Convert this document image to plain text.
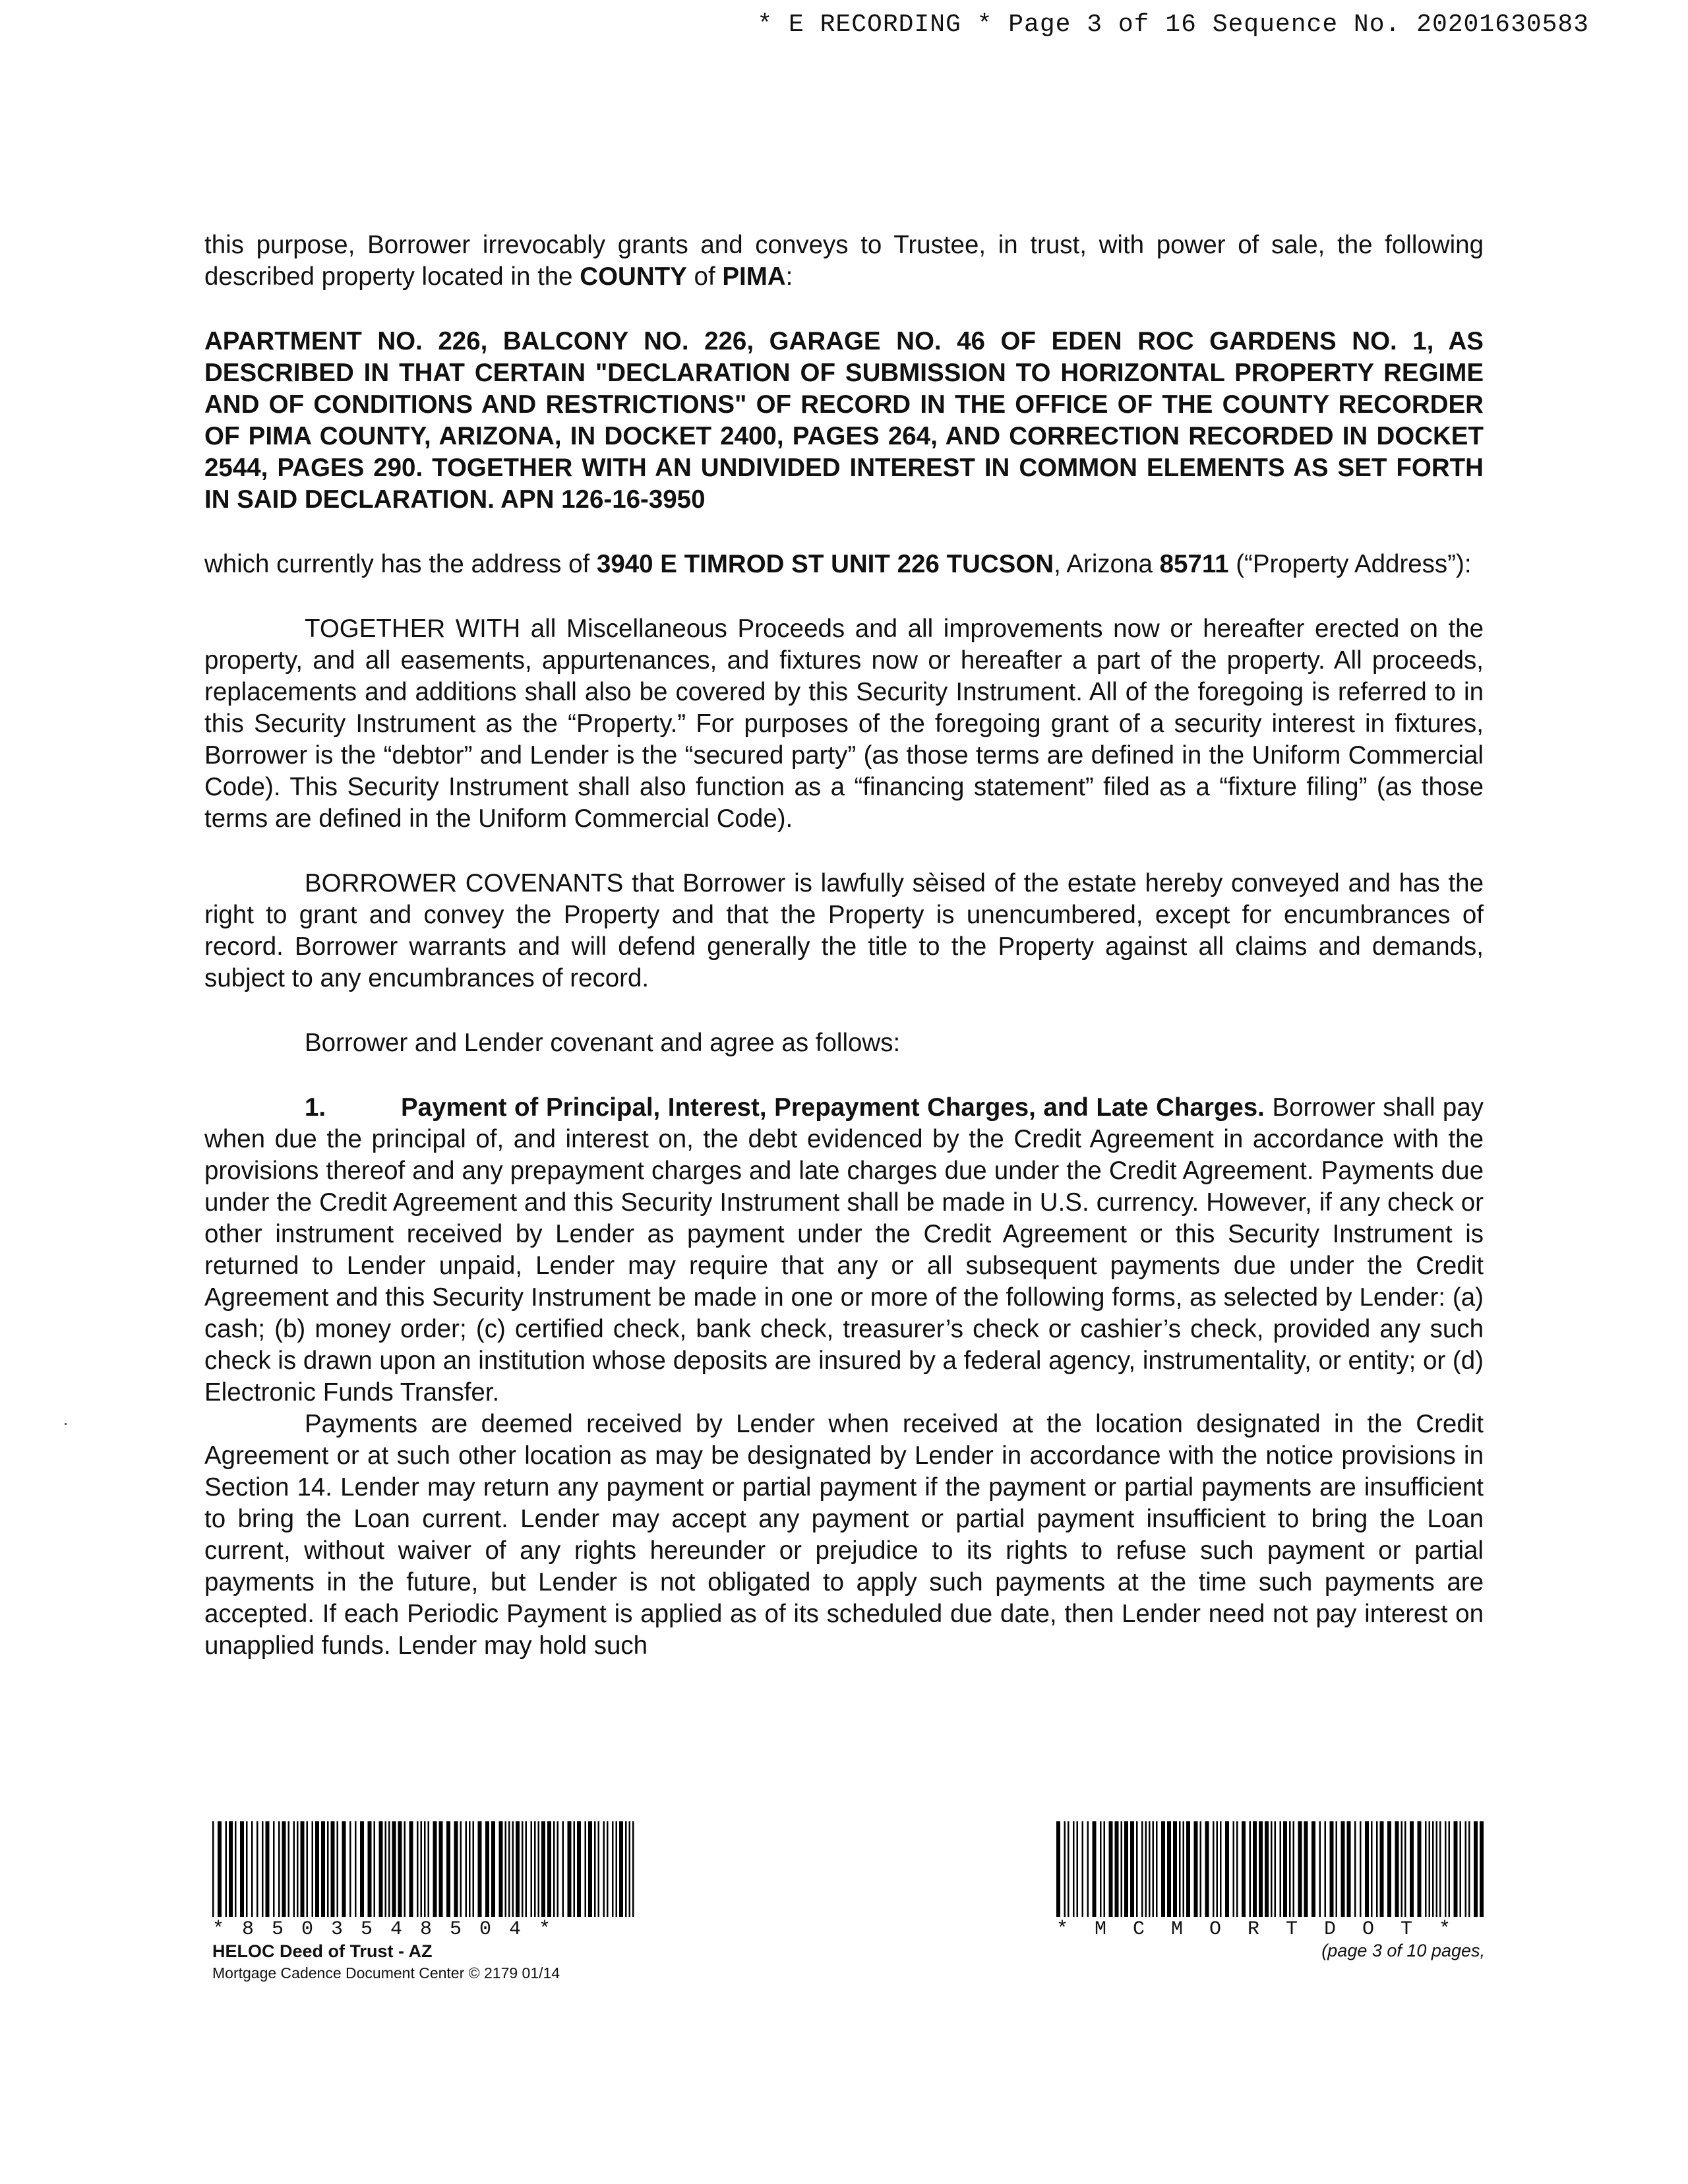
* E RECORDING * Page 3 of 16 Sequence No. 20201630583

this purpose, Borrower irrevocably grants and conveys to Trustee, in trust, with power of sale, the following described property located in the COUNTY of PIMA:

APARTMENT NO. 226, BALCONY NO. 226, GARAGE NO. 46 OF EDEN ROC GARDENS NO. 1, AS DESCRIBED IN THAT CERTAIN "DECLARATION OF SUBMISSION TO HORIZONTAL PROPERTY REGIME AND OF CONDITIONS AND RESTRICTIONS" OF RECORD IN THE OFFICE OF THE COUNTY RECORDER OF PIMA COUNTY, ARIZONA, IN DOCKET 2400, PAGES 264, AND CORRECTION RECORDED IN DOCKET 2544, PAGES 290. TOGETHER WITH AN UNDIVIDED INTEREST IN COMMON ELEMENTS AS SET FORTH IN SAID DECLARATION. APN 126-16-3950

which currently has the address of 3940 E TIMROD ST UNIT 226 TUCSON, Arizona 85711 (“Property Address”):

TOGETHER WITH all Miscellaneous Proceeds and all improvements now or hereafter erected on the property, and all easements, appurtenances, and fixtures now or hereafter a part of the property. All proceeds, replacements and additions shall also be covered by this Security Instrument. All of the foregoing is referred to in this Security Instrument as the “Property.” For purposes of the foregoing grant of a security interest in fixtures, Borrower is the “debtor” and Lender is the “secured party” (as those terms are defined in the Uniform Commercial Code). This Security Instrument shall also function as a “financing statement” filed as a “fixture filing” (as those terms are defined in the Uniform Commercial Code).

BORROWER COVENANTS that Borrower is lawfully sèised of the estate hereby conveyed and has the right to grant and convey the Property and that the Property is unencumbered, except for encumbrances of record. Borrower warrants and will defend generally the title to the Property against all claims and demands, subject to any encumbrances of record.

Borrower and Lender covenant and agree as follows:

1.	Payment of Principal, Interest, Prepayment Charges, and Late Charges. Borrower shall pay when due the principal of, and interest on, the debt evidenced by the Credit Agreement in accordance with the provisions thereof and any prepayment charges and late charges due under the Credit Agreement. Payments due under the Credit Agreement and this Security Instrument shall be made in U.S. currency. However, if any check or other instrument received by Lender as payment under the Credit Agreement or this Security Instrument is returned to Lender unpaid, Lender may require that any or all subsequent payments due under the Credit Agreement and this Security Instrument be made in one or more of the following forms, as selected by Lender: (a) cash; (b) money order; (c) certified check, bank check, treasurer’s check or cashier’s check, provided any such check is drawn upon an institution whose deposits are insured by a federal agency, instrumentality, or entity; or (d) Electronic Funds Transfer.

Payments are deemed received by Lender when received at the location designated in the Credit Agreement or at such other location as may be designated by Lender in accordance with the notice provisions in Section 14. Lender may return any payment or partial payment if the payment or partial payments are insufficient to bring the Loan current. Lender may accept any payment or partial payment insufficient to bring the Loan current, without waiver of any rights hereunder or prejudice to its rights to refuse such payment or partial payments in the future, but Lender is not obligated to apply such payments at the time such payments are accepted. If each Periodic Payment is applied as of its scheduled due date, then Lender need not pay interest on unapplied funds. Lender may hold such

*8503548504*
HELOC Deed of Trust - AZ
Mortgage Cadence Document Center © 2179 01/14
*MCMORTDOT*
(page 3 of 10 pages,
